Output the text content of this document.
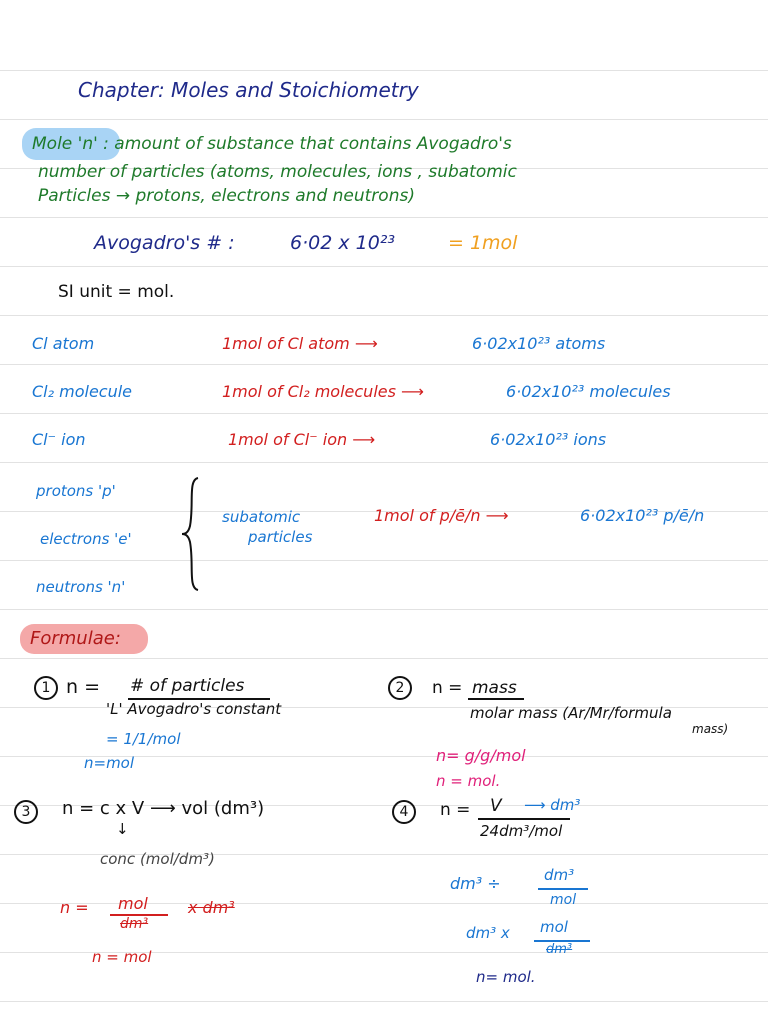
Chapter: Moles and Stoichiometry
Mole 'n' : amount of substance that contains Avogadro's
number of particles (atoms, molecules, ions , subatomic
Particles → protons, electrons and neutrons)
Avogadro's # :	6·02 x 10²³	= 1mol
SI unit = mol.
Cl atom	1mol of Cl atom ⟶	6·02x10²³ atoms
Cl₂ molecule	1mol of Cl₂ molecules ⟶	6·02x10²³ molecules
Cl⁻ ion	1mol of Cl⁻ ion ⟶	6·02x10²³ ions
protons 'p'
electrons 'e'
neutrons 'n'
subatomic
particles
1mol of p/ē/n ⟶	6·02x10²³ p/ē/n
Formulae:
1 n = # of particles
'L' Avogadro's constant
= 1/1/mol
n=mol
2	n = mass
molar mass (Ar/Mr/formula
mass)
n= g/g/mol
n = mol.
3	n = c x V ⟶ vol (dm³)
↓
conc (mol/dm³)
n = mol
dm³
x dm³
n = mol
4	n = V ⟶ dm³
24dm³/mol
dm³ ÷	dm³
mol
dm³ x mol
dm³
n= mol.
